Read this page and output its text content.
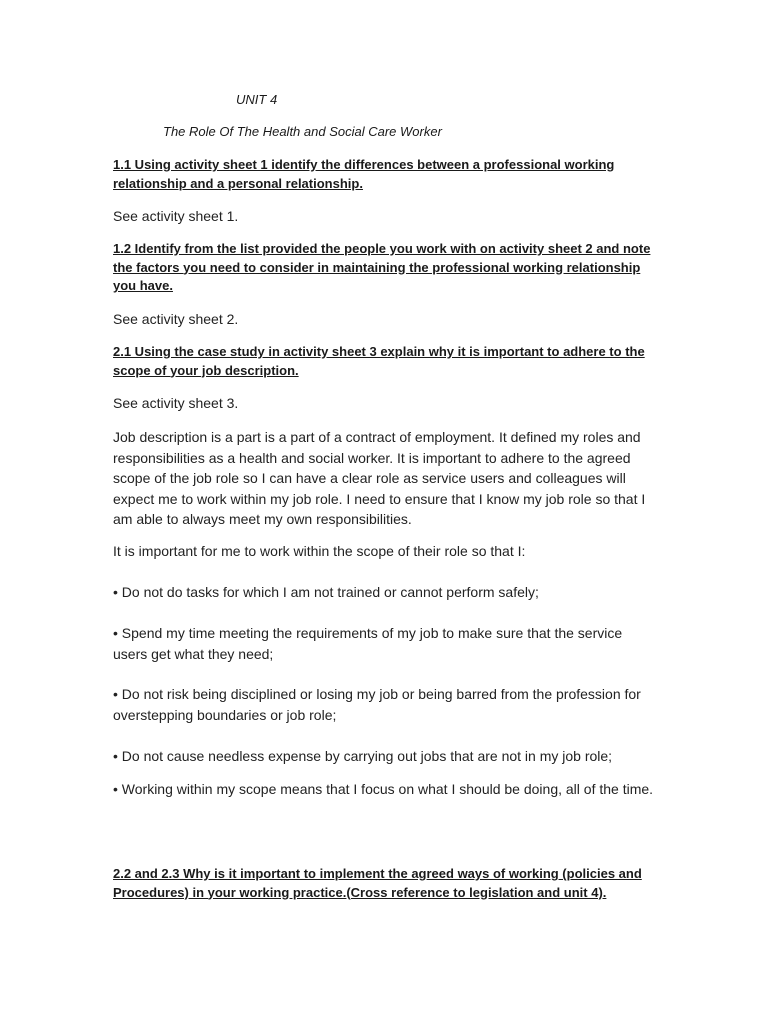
UNIT 4
The Role Of The Health and Social Care Worker
1.1 Using activity sheet 1 identify the differences between a professional working relationship and a personal relationship.
See activity sheet 1.
1.2 Identify from the list provided the people you work with on activity sheet 2 and note the factors you need to consider in maintaining the professional working relationship you have.
See activity sheet 2.
2.1 Using the case study in activity sheet 3 explain why it is important to adhere to the scope of your job description.
See activity sheet 3.
Job description is a part is a part of a contract of employment. It defined my roles and responsibilities as a health and social worker. It is important to adhere to the agreed scope of the job role so I can have a clear role as service users and colleagues will expect me to work within my job role. I need to ensure that I know my job role so that I am able to always meet my own responsibilities.
It is important for me to work within the scope of their role so that I:
• Do not do tasks for which I am not trained or cannot perform safely;
• Spend my time meeting the requirements of my job to make sure that the service users get what they need;
• Do not risk being disciplined or losing my job or being barred from the profession for overstepping boundaries or job role;
• Do not cause needless expense by carrying out jobs that are not in my job role;
• Working within my scope means that I focus on what I should be doing, all of the time.
2.2 and 2.3 Why is it important to implement the agreed ways of working (policies and Procedures) in your working practice.(Cross reference to legislation and unit 4).
